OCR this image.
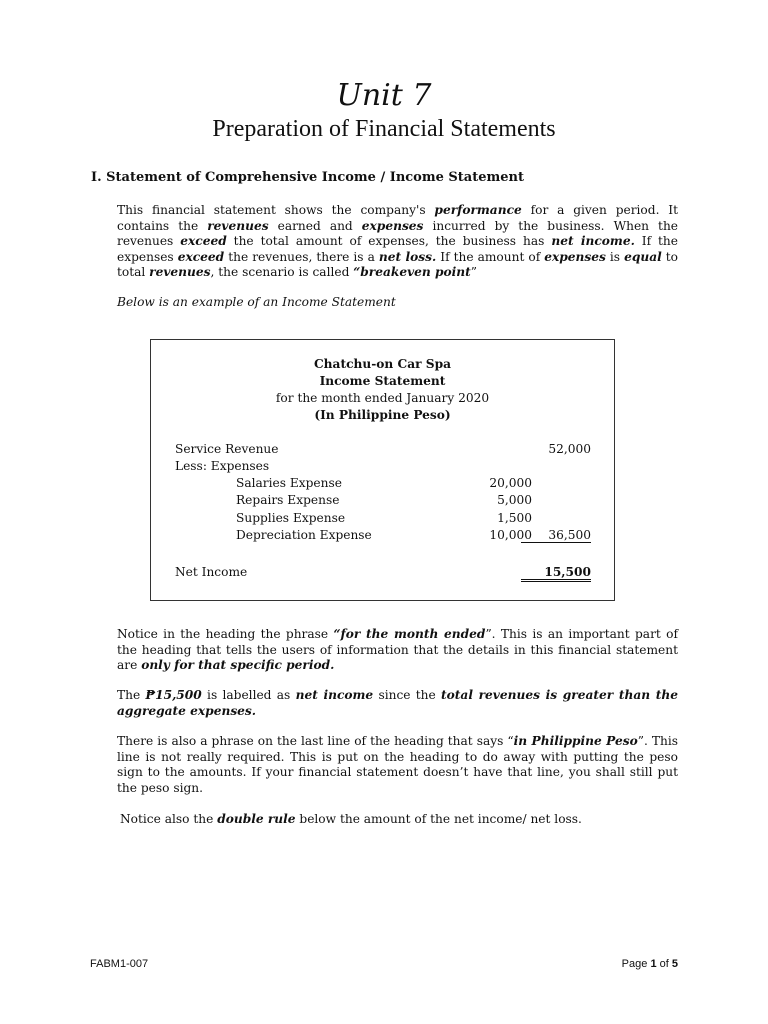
Unit 7
Preparation of Financial Statements
I. Statement of Comprehensive Income / Income Statement
This financial statement shows the company's performance for a given period. It contains the revenues earned and expenses incurred by the business. When the revenues exceed the total amount of expenses, the business has net income. If the expenses exceed the revenues, there is a net loss. If the amount of expenses is equal to total revenues, the scenario is called “breakeven point”
Below is an example of an Income Statement
Chatchu-on Car Spa
Income Statement
for the month ended January 2020
(In Philippine Peso)
Service Revenue	52,000
Less: Expenses
Salaries Expense	20,000
Repairs Expense	5,000
Supplies Expense	1,500
Depreciation Expense	10,000	36,500
Net Income	15,500
Notice in the heading the phrase “for the month ended”. This is an important part of the heading that tells the users of information that the details in this financial statement are only for that specific period.
The ₱15,500 is labelled as net income since the total revenues is greater than the aggregate expenses.
There is also a phrase on the last line of the heading that says “in Philippine Peso”. This line is not really required. This is put on the heading to do away with putting the peso sign to the amounts. If your financial statement doesn’t have that line, you shall still put the peso sign.
Notice also the double rule below the amount of the net income/ net loss.
FABM1-007	Page 1 of 5
